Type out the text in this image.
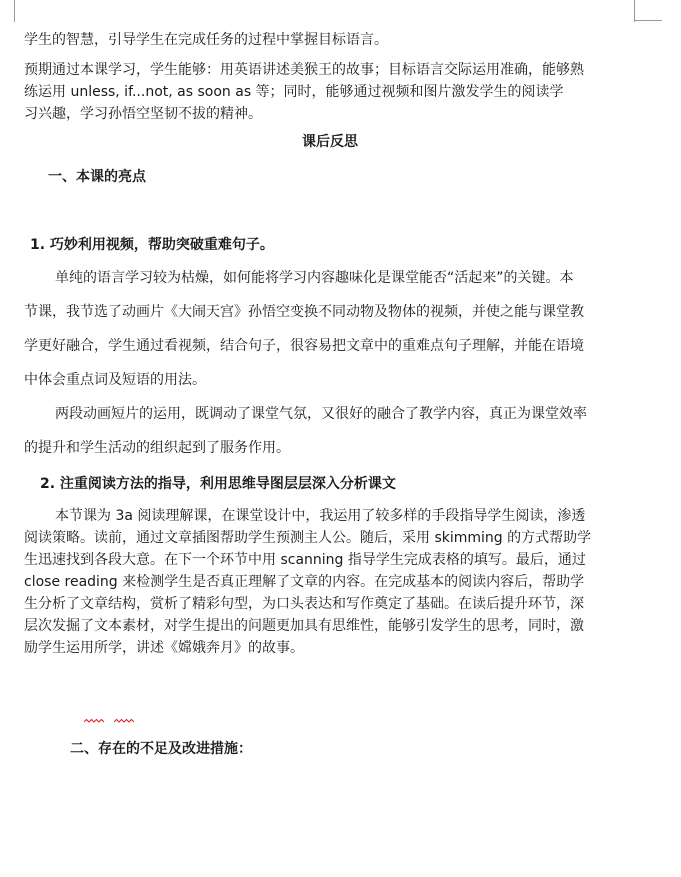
学生的智慧，引导学生在完成任务的过程中掌握目标语言。

预期通过本课学习，学生能够：用英语讲述美猴王的故事；目标语言交际运用准确，能够熟

练运用 unless, if...not, as soon as 等；同时，能够通过视频和图片激发学生的阅读学

习兴趣，学习孙悟空坚韧不拔的精神。

课后反思

一、本课的亮点

1. 巧妙利用视频，帮助突破重难句子。

单纯的语言学习较为枯燥，如何能将学习内容趣味化是课堂能否“活起来”的关键。本

节课，我节选了动画片《大闹天宫》孙悟空变换不同动物及物体的视频，并使之能与课堂教

学更好融合，学生通过看视频，结合句子，很容易把文章中的重难点句子理解，并能在语境

中体会重点词及短语的用法。

两段动画短片的运用，既调动了课堂气氛，又很好的融合了教学内容，真正为课堂效率

的提升和学生活动的组织起到了服务作用。

2. 注重阅读方法的指导，利用思维导图层层深入分析课文

本节课为 3a 阅读理解课，在课堂设计中，我运用了较多样的手段指导学生阅读，渗透

阅读策略。读前，通过文章插图帮助学生预测主人公。随后，采用 skimming 的方式帮助学

生迅速找到各段大意。在下一个环节中用 scanning 指导学生完成表格的填写。最后，通过

close reading 来检测学生是否真正理解了文章的内容。在完成基本的阅读内容后，帮助学

生分析了文章结构，赏析了精彩句型，为口头表达和写作奠定了基础。在读后提升环节，深

层次发掘了文本素材，对学生提出的问题更加具有思维性，能够引发学生的思考，同时，激

励学生运用所学，讲述《嫦娥奔月》的故事。

二、存在的不足及改进措施：
